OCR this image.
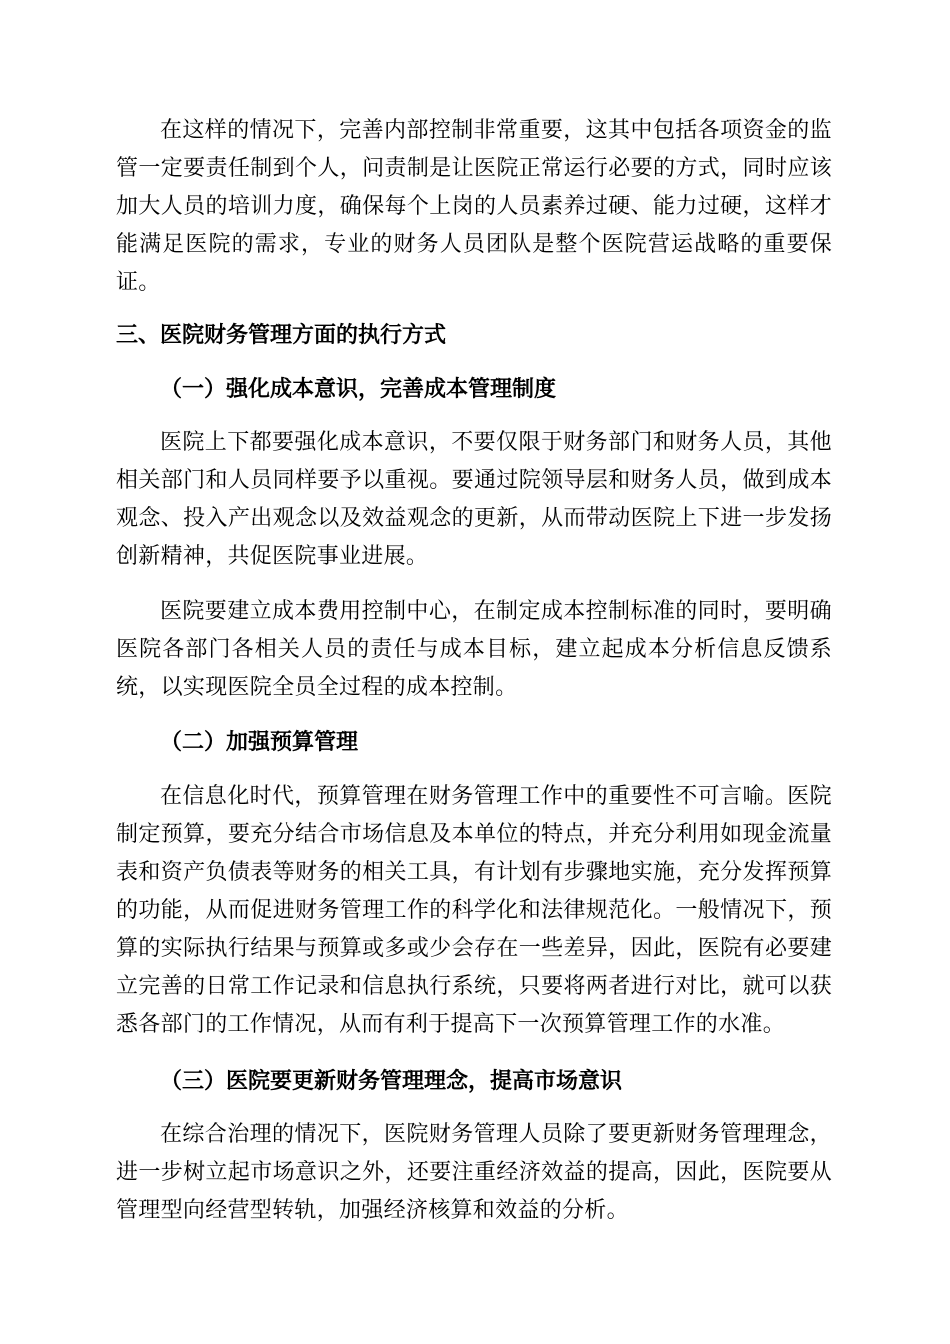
在这样的情况下，完善内部控制非常重要，这其中包括各项资金的监管一定要责任制到个人，问责制是让医院正常运行必要的方式，同时应该加大人员的培训力度，确保每个上岗的人员素养过硬、能力过硬，这样才能满足医院的需求，专业的财务人员团队是整个医院营运战略的重要保证。

三、医院财务管理方面的执行方式
（一）强化成本意识，完善成本管理制度

医院上下都要强化成本意识，不要仅限于财务部门和财务人员，其他相关部门和人员同样要予以重视。要通过院领导层和财务人员，做到成本观念、投入产出观念以及效益观念的更新，从而带动医院上下进一步发扬创新精神，共促医院事业进展。

医院要建立成本费用控制中心，在制定成本控制标准的同时，要明确医院各部门各相关人员的责任与成本目标，建立起成本分析信息反馈系统，以实现医院全员全过程的成本控制。

（二）加强预算管理

在信息化时代，预算管理在财务管理工作中的重要性不可言喻。医院制定预算，要充分结合市场信息及本单位的特点，并充分利用如现金流量表和资产负债表等财务的相关工具，有计划有步骤地实施，充分发挥预算的功能，从而促进财务管理工作的科学化和法律规范化。一般情况下，预算的实际执行结果与预算或多或少会存在一些差异，因此，医院有必要建立完善的日常工作记录和信息执行系统，只要将两者进行对比，就可以获悉各部门的工作情况，从而有利于提高下一次预算管理工作的水准。

（三）医院要更新财务管理理念，提高市场意识

在综合治理的情况下，医院财务管理人员除了要更新财务管理理念，进一步树立起市场意识之外，还要注重经济效益的提高，因此，医院要从管理型向经营型转轨，加强经济核算和效益的分析。
